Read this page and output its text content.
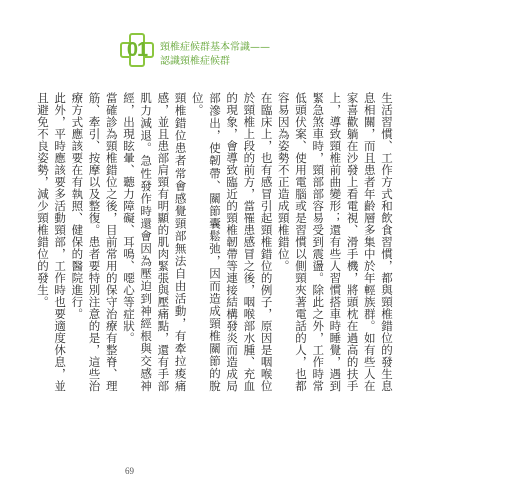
01	頸椎症候群基本常識——
認識頸椎症候群

生活習慣、工作方式和飲食習慣，都與頸椎錯位的發生息息相關，而且患者年齡層多集中於年輕族群。如有些人在家喜歡躺在沙發上看電視、滑手機，將頭枕在過高的扶手上，導致頸椎前曲變形；還有些人習慣搭車時睡覺，遇到緊急煞車時，頸部部容易受到震盪。除此之外，工作時常低頭伏案、使用電腦或是習慣以側頸夾著電話的人，也都容易因為姿勢不正造成頸椎錯位。

在臨床上，也有感冒引起頸椎錯位的例子，原因是咽喉位於頸椎上段的前方，當罹患感冒之後，咽喉部水腫、充血的現象，會導致臨近的頸椎韌帶等連接結構發炎而造成局部滲出，使韌帶、關節囊鬆弛，因而造成頸椎關節的脫位。

頸椎錯位患者常會感覺頸部無法自由活動，有牽拉痠痛感，並且患部肩頸有明顯的肌肉緊張與壓痛點，還有手部肌力減退。急性發作時還會因為壓迫到神經根與交感神經，出現眩暈、聽力障礙、耳鳴、噁心等症狀。

當確診為頸椎錯位之後，目前常用的保守治療有整脊、理筋、牽引、按摩以及整復。患者要特別注意的是，這些治療方式應該要在有執照、健保的醫院進行。

此外，平時應該要多活動頸部，工作時也要適度休息，並且避免不良姿勢，減少頸椎錯位的發生。

69
